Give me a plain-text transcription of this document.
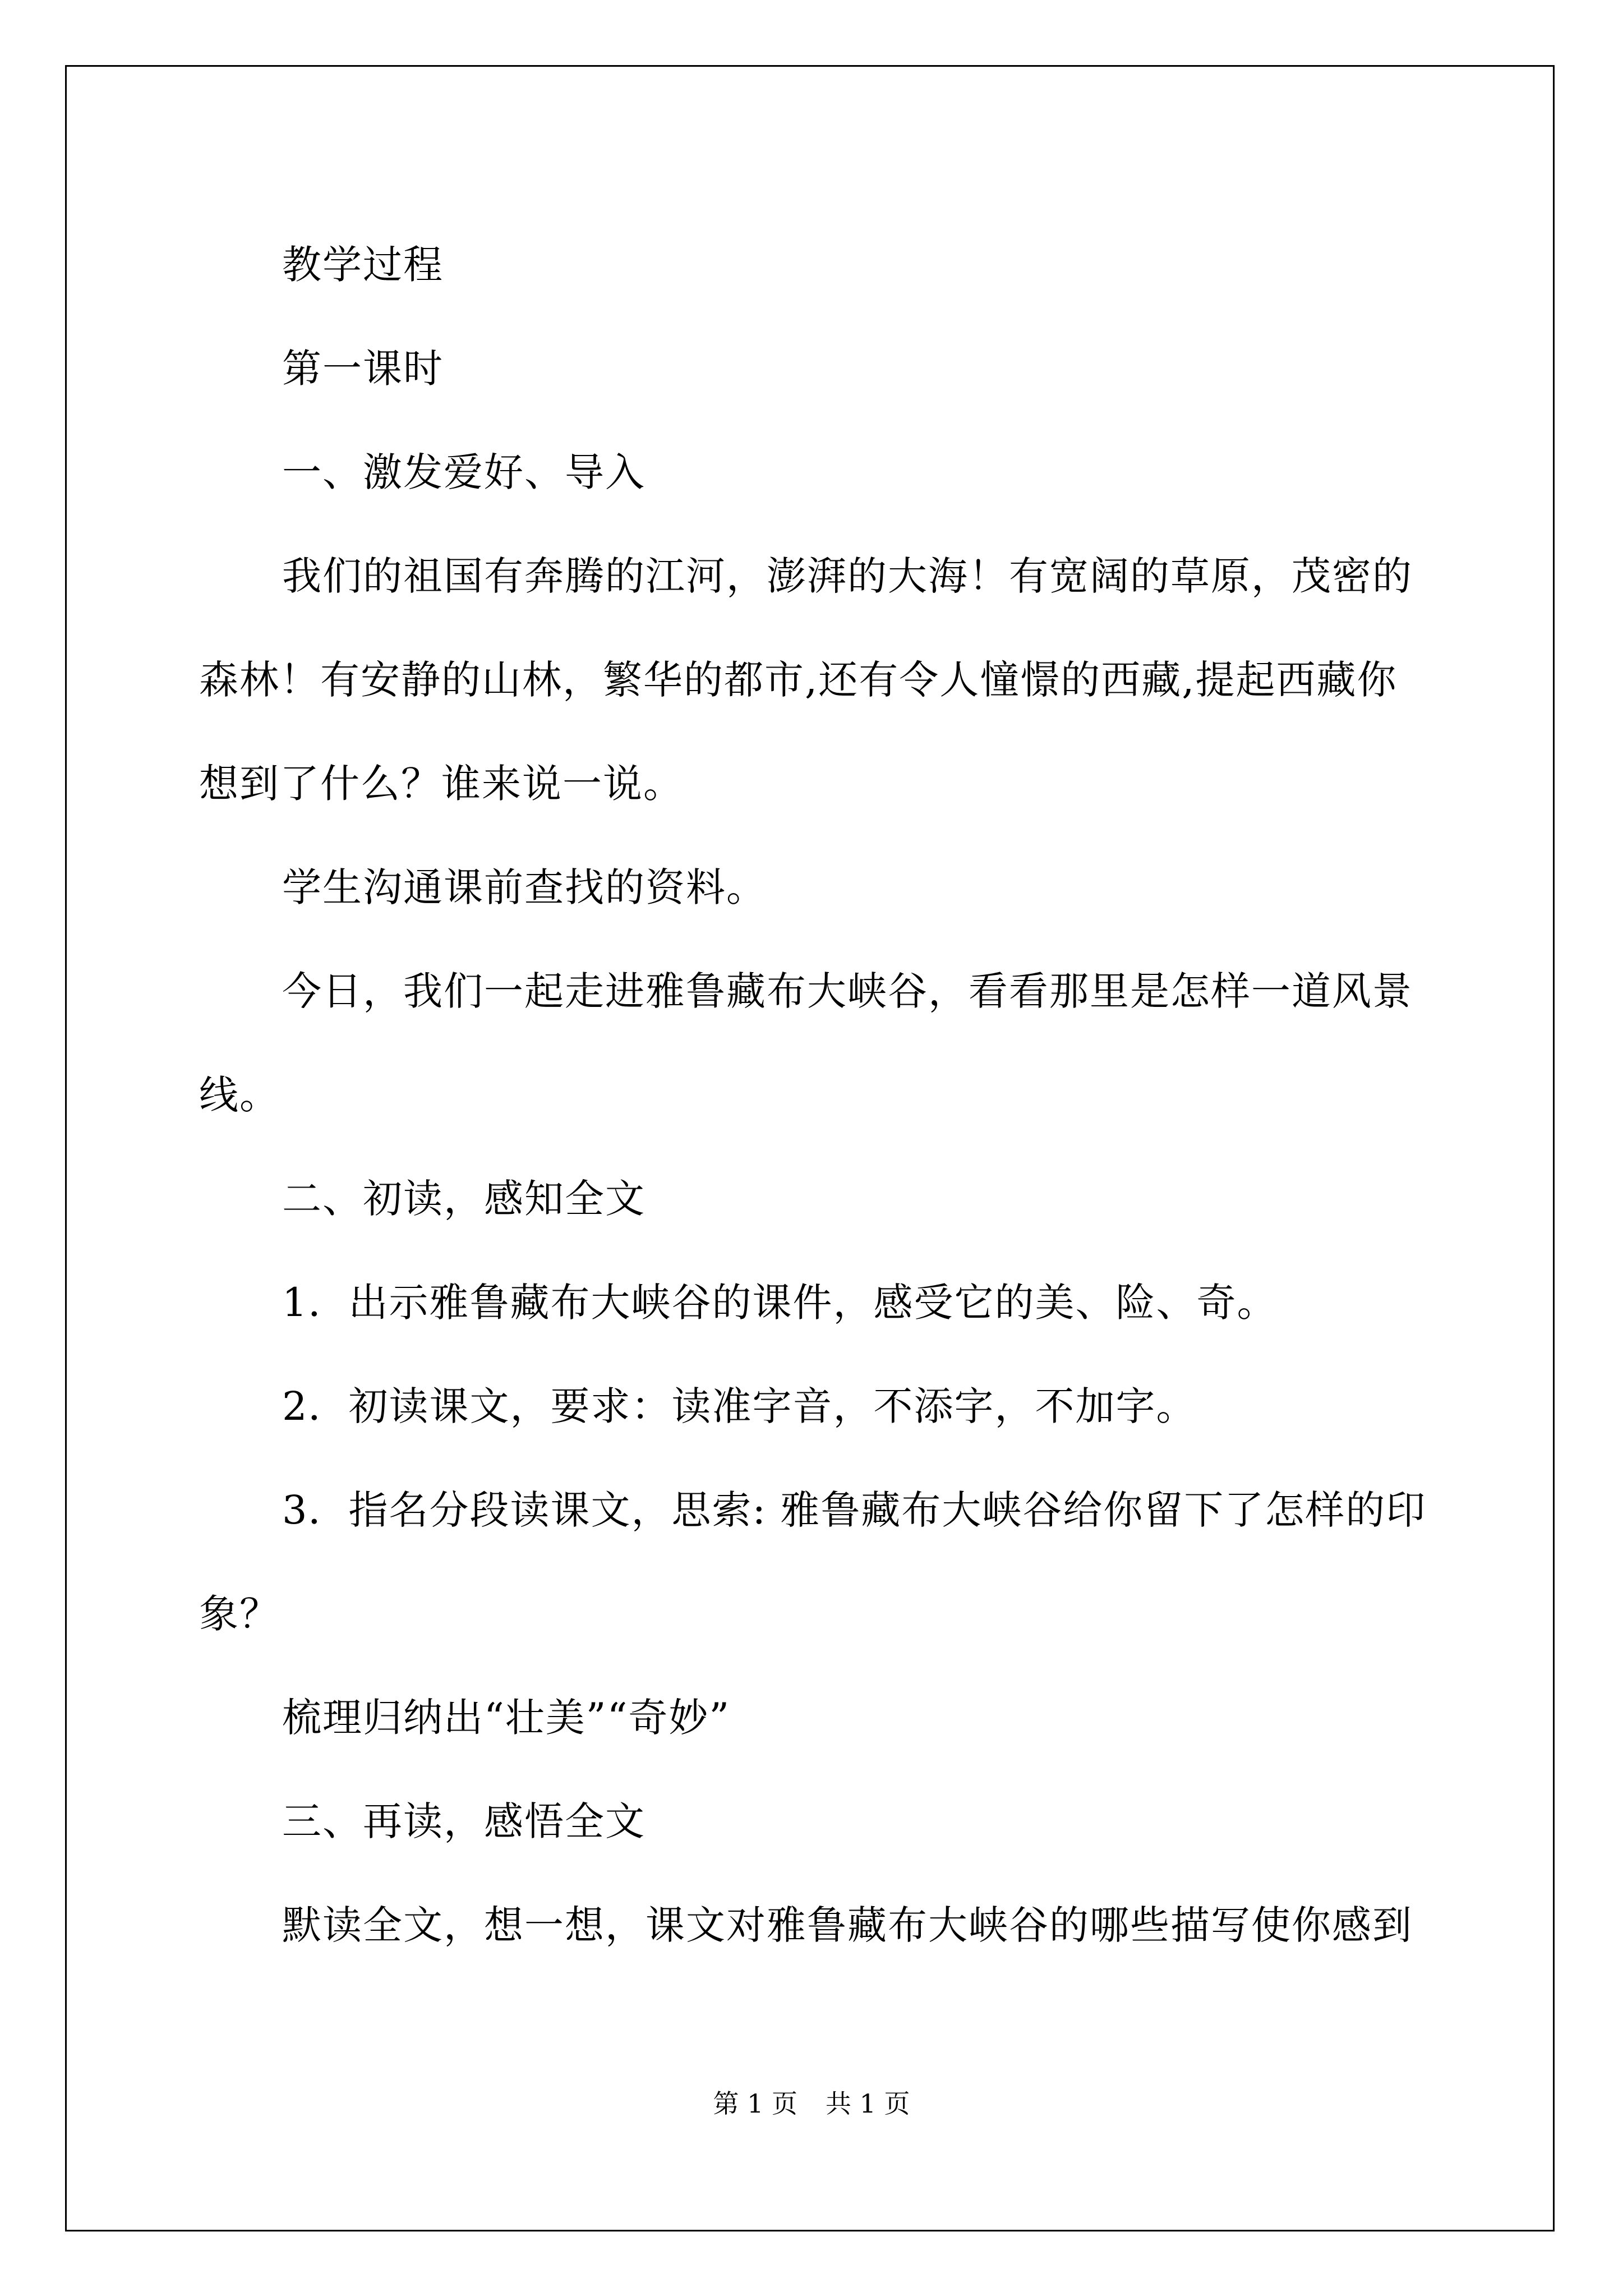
教学过程

第一课时

一、激发爱好、导入

我们的祖国有奔腾的江河，澎湃的大海！有宽阔的草原，茂密的森林！有安静的山林，繁华的都市,还有令人憧憬的西藏,提起西藏你想到了什么？谁来说一说。

学生沟通课前查找的资料。

今日，我们一起走进雅鲁藏布大峡谷，看看那里是怎样一道风景线。

二、初读，感知全文

1．出示雅鲁藏布大峡谷的课件，感受它的美、险、奇。

2．初读课文，要求：读准字音，不添字，不加字。

3．指名分段读课文，思索: 雅鲁藏布大峡谷给你留下了怎样的印象？

梳理归纳出“壮美”“奇妙”

三、再读，感悟全文

默读全文，想一想，课文对雅鲁藏布大峡谷的哪些描写使你感到

第 1 页 共 1 页
